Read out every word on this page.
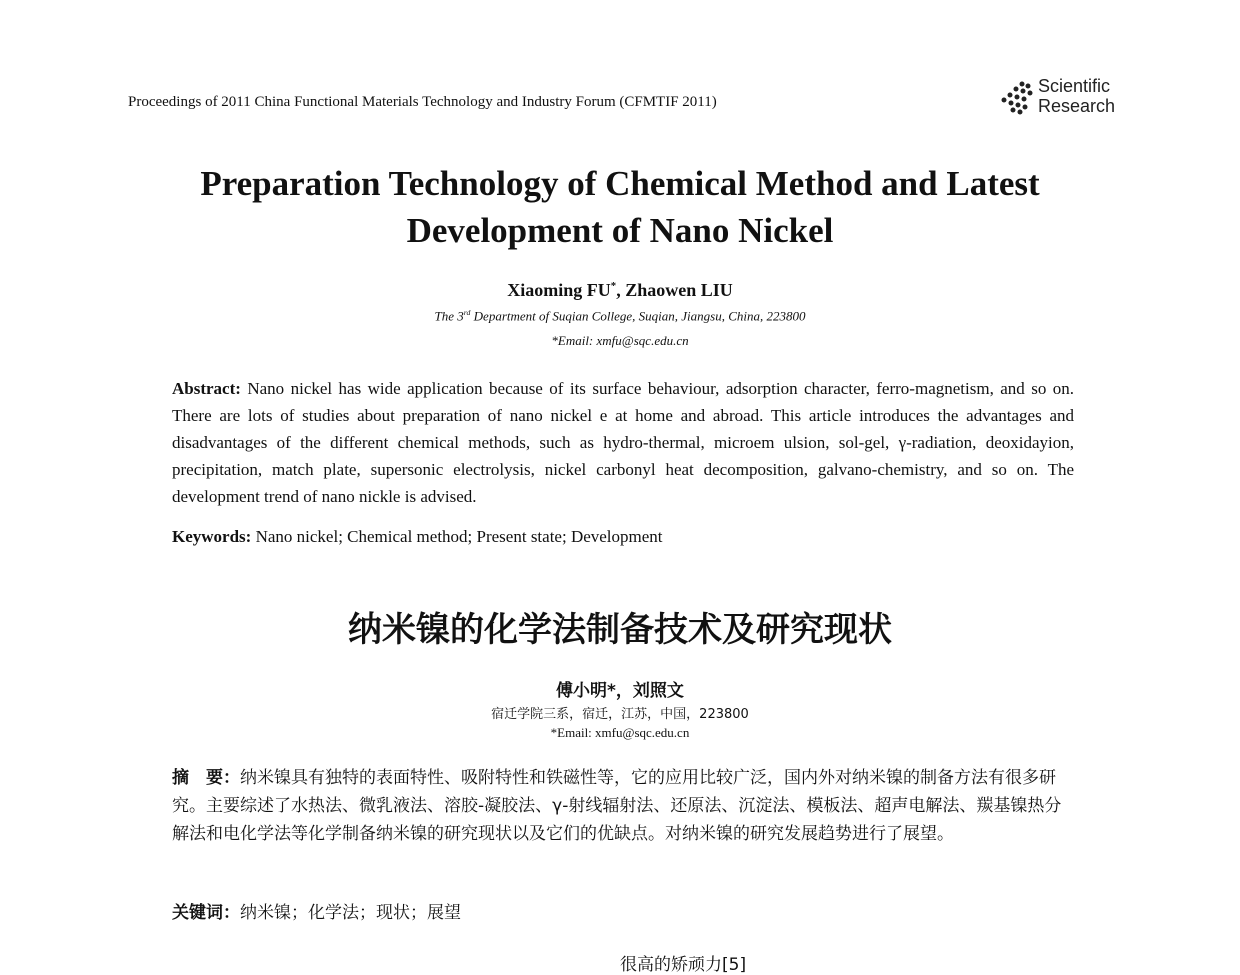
Proceedings of 2011 China Functional Materials Technology and Industry Forum (CFMTIF 2011)
Scientific
Research
Preparation Technology of Chemical Method and Latest
Development of Nano Nickel
Xiaoming FU*, Zhaowen LIU
The 3rd Department of Suqian College, Suqian, Jiangsu, China, 223800
*Email: xmfu@sqc.edu.cn
Abstract: Nano nickel has wide application because of its surface behaviour, adsorption character, ferro-magnetism, and so on. There are lots of studies about preparation of nano nickel e at home and abroad. This article introduces the advantages and disadvantages of the different chemical methods, such as hydro-thermal, microem ulsion, sol-gel, γ-radiation, deoxidayion, precipitation, match plate, supersonic electrolysis, nickel carbonyl heat decomposition, galvano-chemistry, and so on. The development trend of nano nickle is advised.
Keywords: Nano nickel; Chemical method; Present state; Development
纳米镍的化学法制备技术及研究现状
傅小明*，刘照文
宿迁学院三系，宿迁，江苏，中国，223800
*Email: xmfu@sqc.edu.cn
摘　要：纳米镍具有独特的表面特性、吸附特性和铁磁性等，它的应用比较广泛，国内外对纳米镍的制备方法有很多研究。主要综述了水热法、微乳液法、溶胶-凝胶法、γ-射线辐射法、还原法、沉淀法、模板法、超声电解法、羰基镍热分解法和电化学法等化学制备纳米镍的研究现状以及它们的优缺点。对纳米镍的研究发展趋势进行了展望。
关键词：纳米镍；化学法；现状；展望
很高的矫顽力[5]
